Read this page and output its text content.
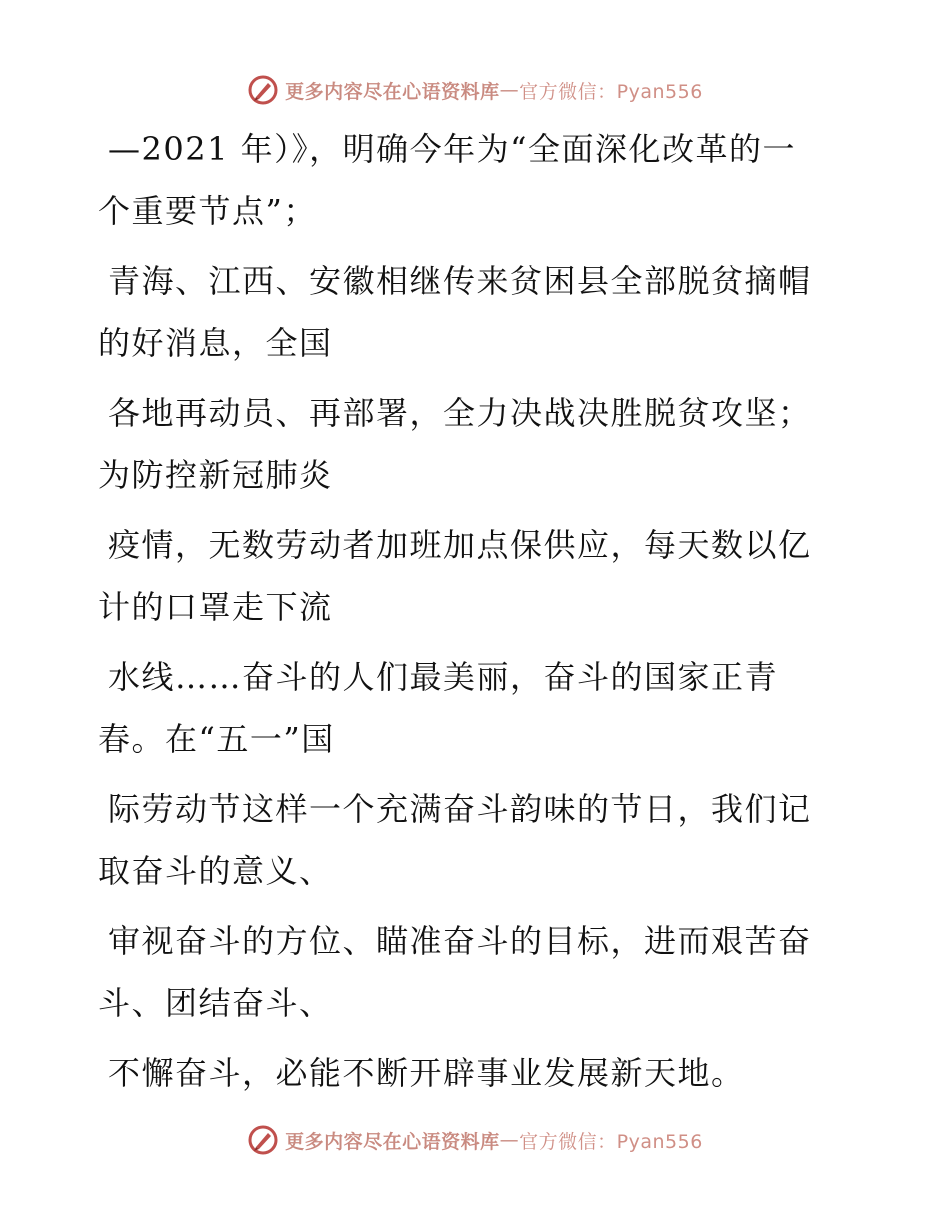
更多内容尽在心语资料库 — 官方微信：Pyan556

—2021 年）》，明确今年为“全面深化改革的一
个重要节点”；

青海、江西、安徽相继传来贫困县全部脱贫摘帽
的好消息，全国

各地再动员、再部署，全力决战决胜脱贫攻坚；
为防控新冠肺炎

疫情，无数劳动者加班加点保供应，每天数以亿
计的口罩走下流

水线……奋斗的人们最美丽，奋斗的国家正青
春。在“五一”国

际劳动节这样一个充满奋斗韵味的节日，我们记
取奋斗的意义、

审视奋斗的方位、瞄准奋斗的目标，进而艰苦奋
斗、团结奋斗、

不懈奋斗，必能不断开辟事业发展新天地。

更多内容尽在心语资料库 — 官方微信：Pyan556
